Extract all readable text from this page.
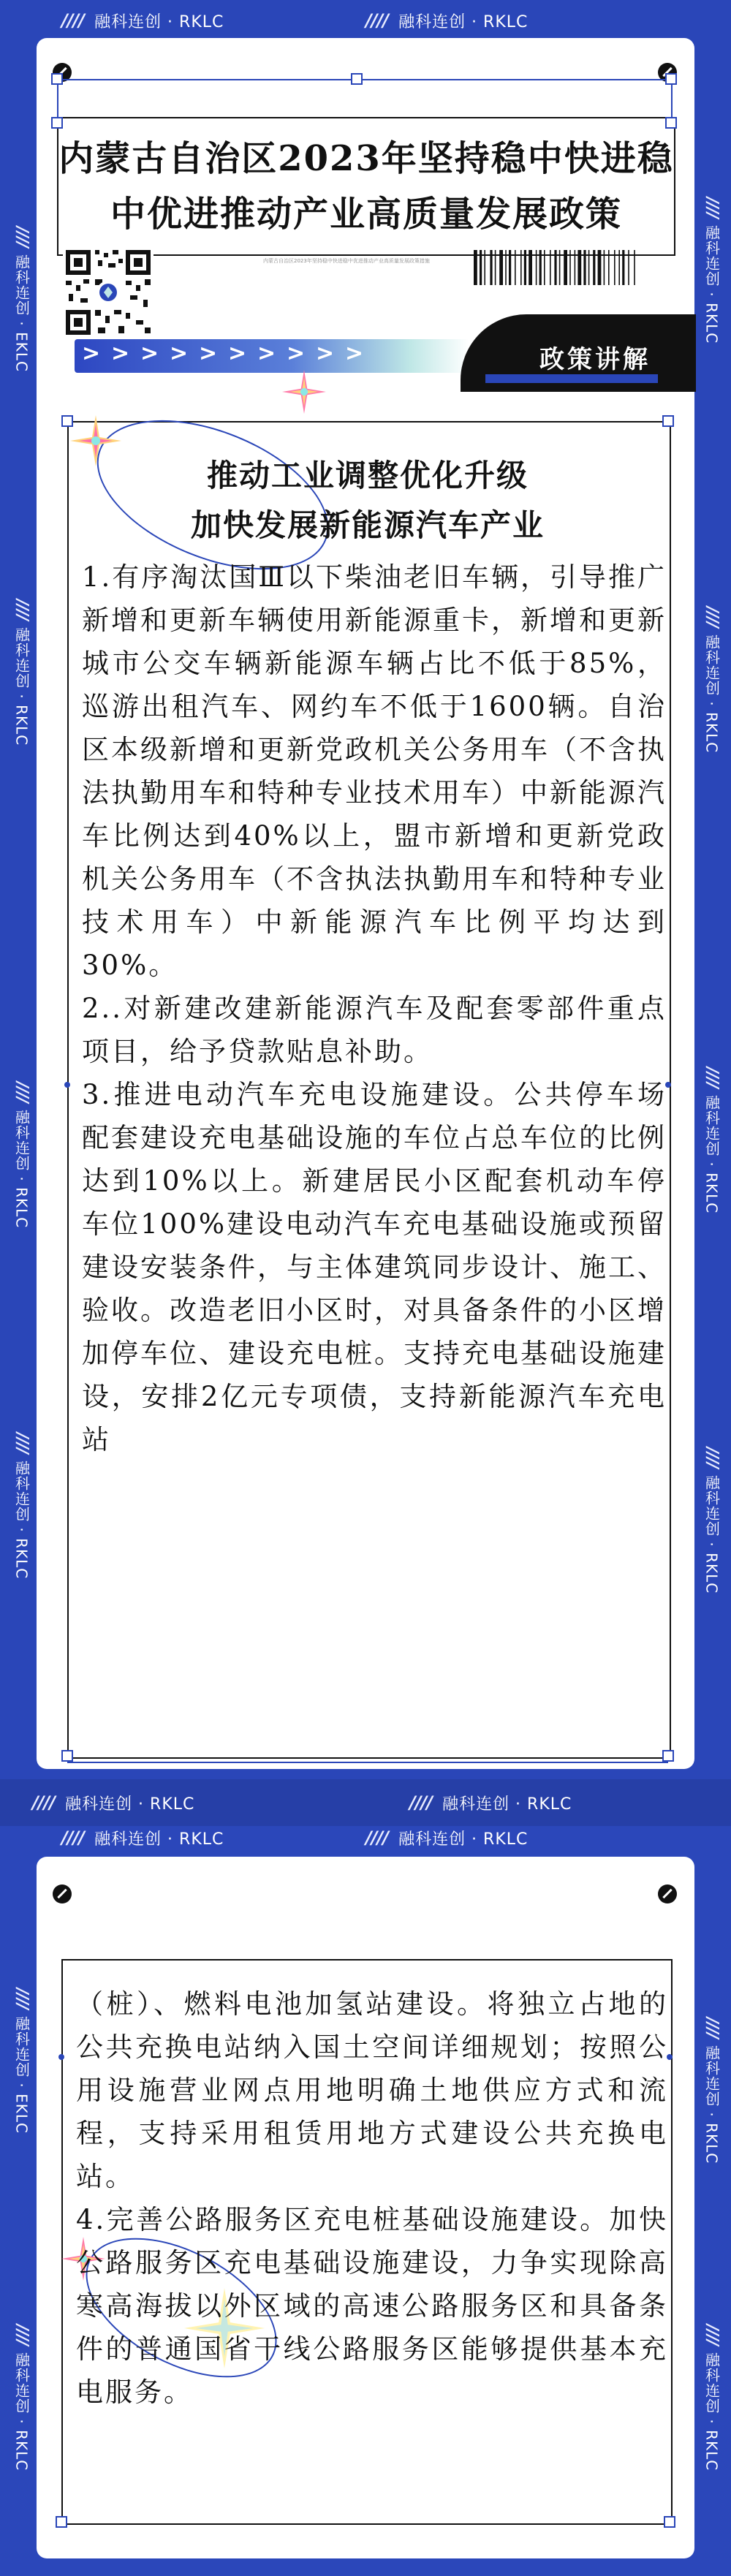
//// 融科连创 · RKLC	//// 融科连创 · RKLC
////
融科连创 · EKLC
////
融科连创 · RKLC
////
融科连创 · RKLC
////
融科连创 · RKLC
////
融科连创 · RKLC
////
融科连创 · RKLC
////
融科连创 · RKLC
////
融科连创 · RKLC
内蒙古自治区2023年坚持稳中快进稳
中优进推动产业高质量发展政策
内蒙古自治区2023年坚持稳中快进稳中优进推动产业高质量发展政策措施
> > > > > > > > > >	政策讲解
推动工业调整优化升级
加快发展新能源汽车产业
1.有序淘汰国Ⅲ以下柴油老旧车辆，引导推广新增和更新车辆使用新能源重卡，新增和更新城市公交车辆新能源车辆占比不低于85%，巡游出租汽车、网约车不低于1600辆。自治区本级新增和更新党政机关公务用车（不含执法执勤用车和特种专业技术用车）中新能源汽车比例达到40%以上，盟市新增和更新党政机关公务用车（不含执法执勤用车和特种专业技术用车）中新能源汽车比例平均达到30%。
2..对新建改建新能源汽车及配套零部件重点项目，给予贷款贴息补助。
3.推进电动汽车充电设施建设。公共停车场配套建设充电基础设施的车位占总车位的比例达到10%以上。新建居民小区配套机动车停车位100%建设电动汽车充电基础设施或预留建设安装条件，与主体建筑同步设计、施工、验收。改造老旧小区时，对具备条件的小区增加停车位、建设充电桩。支持充电基础设施建设，安排2亿元专项债，支持新能源汽车充电站
//// 融科连创 · RKLC	//// 融科连创 · RKLC
//// 融科连创 · RKLC	//// 融科连创 · RKLC
////
融科连创 · EKLC
////
融科连创 · RKLC
////
融科连创 · RKLC
////
融科连创 · RKLC
（桩）、燃料电池加氢站建设。将独立占地的公共充换电站纳入国土空间详细规划；按照公用设施营业网点用地明确土地供应方式和流程，支持采用租赁用地方式建设公共充换电站。
4.完善公路服务区充电桩基础设施建设。加快公路服务区充电基础设施建设，力争实现除高寒高海拔以外区域的高速公路服务区和具备条件的普通国省干线公路服务区能够提供基本充电服务。
